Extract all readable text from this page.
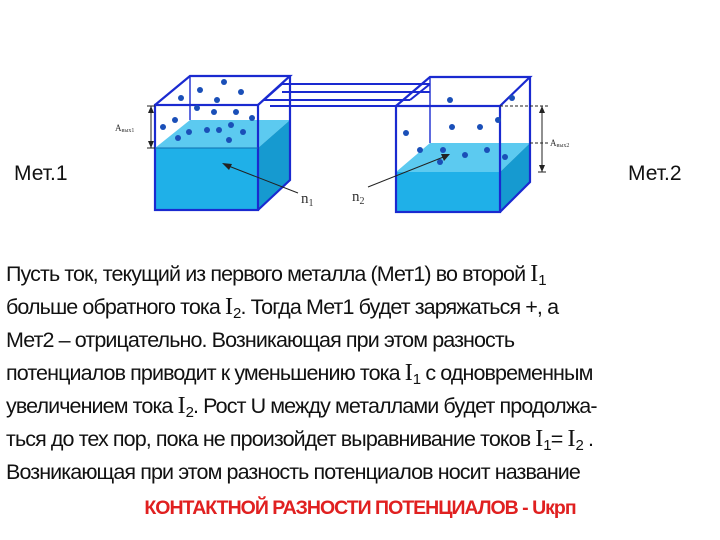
Aвых1
Aвых2
$n_1$	$n_2$
Мет.1	Мет.2
Пусть ток, текущий из первого металла (Мет1) во второй $I_1$
больше обратного тока $I_2$. Тогда Мет1 будет заряжаться +, а
Мет2 – отрицательно. Возникающая при этом разность
потенциалов приводит к уменьшению тока $I_1$ с одновременным
увеличением тока $I_2$. Рост U между металлами будет продолжа-
ться до тех пор, пока не произойдет выравнивание токов $I_1= I_2$ .
Возникающая при этом разность потенциалов носит название
КОНТАКТНОЙ РАЗНОСТИ ПОТЕНЦИАЛОВ - Uкрп
